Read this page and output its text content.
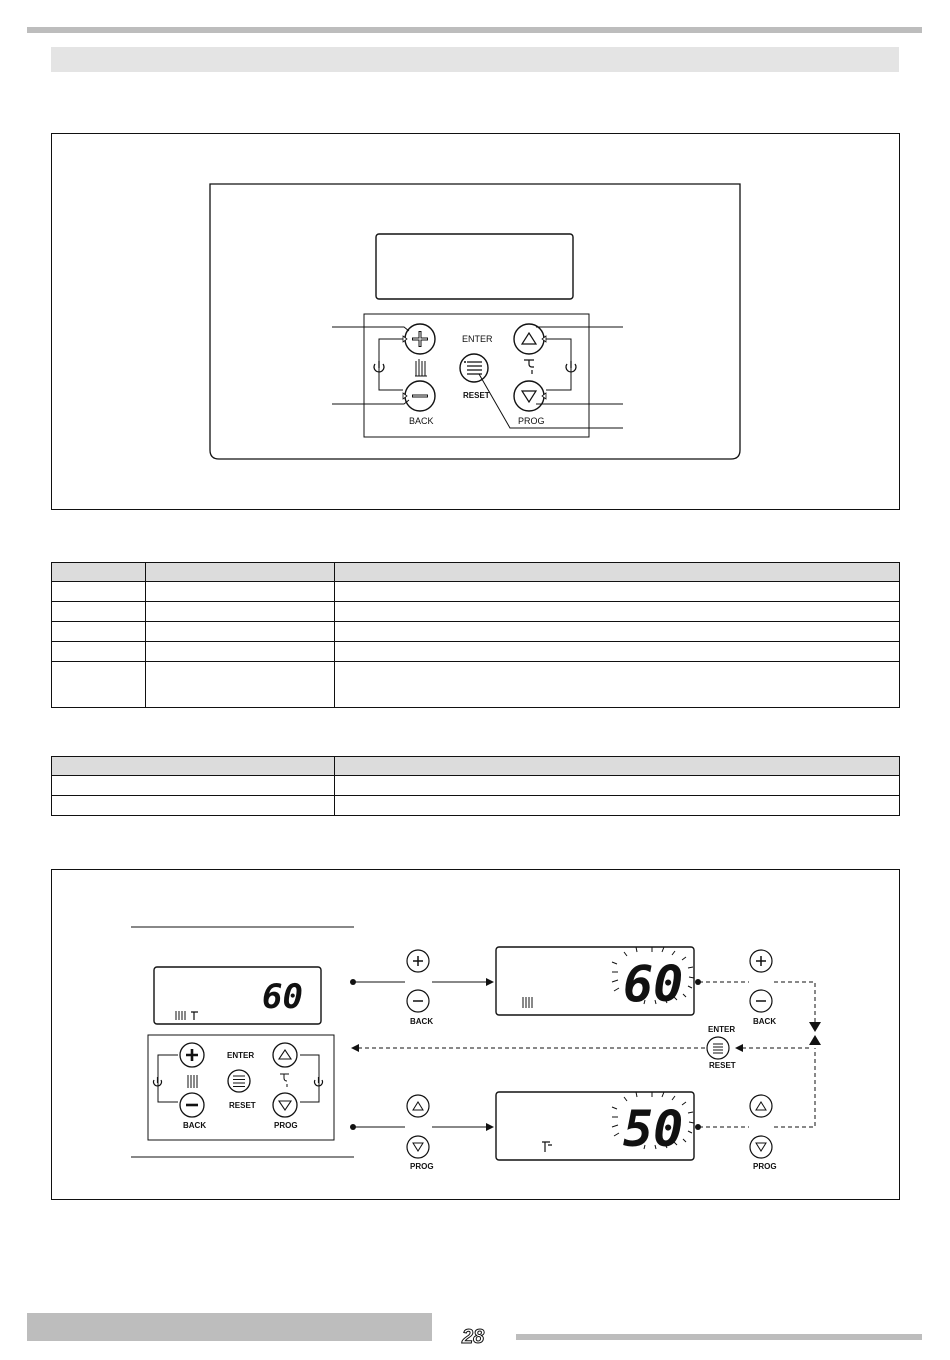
ENTER
RESET
BACK	PROG

60
ENTER
RESET
BACK	PROG
BACK
60
BACK
ENTER
RESET
PROG
50
PROG
28
